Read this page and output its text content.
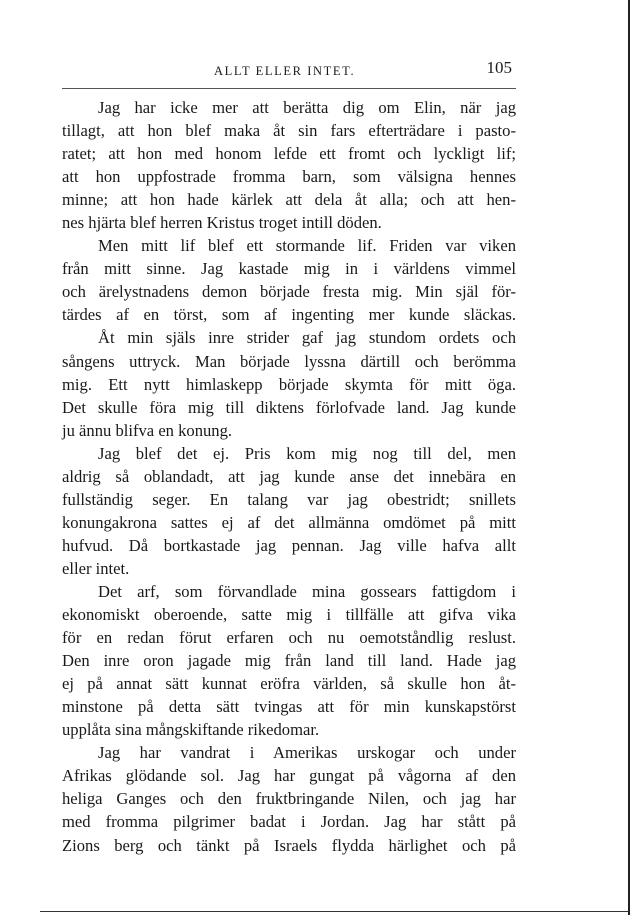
ALLT ELLER INTET.	105
Jag har icke mer att berätta dig om Elin, när jag
tillagt, att hon blef maka åt sin fars efterträdare i pasto-
ratet; att hon med honom lefde ett fromt och lyckligt lif;
att hon uppfostrade fromma barn, som välsigna hennes
minne; att hon hade kärlek att dela åt alla; och att hen-
nes hjärta blef herren Kristus troget intill döden.
Men mitt lif blef ett stormande lif. Friden var viken
från mitt sinne. Jag kastade mig in i världens vimmel
och ärelystnadens demon började fresta mig. Min själ för-
tärdes af en törst, som af ingenting mer kunde släckas.
Åt min själs inre strider gaf jag stundom ordets och
sångens uttryck. Man började lyssna därtill och berömma
mig. Ett nytt himlaskepp började skymta för mitt öga.
Det skulle föra mig till diktens förlofvade land. Jag kunde
ju ännu blifva en konung.
Jag blef det ej. Pris kom mig nog till del, men
aldrig så oblandadt, att jag kunde anse det innebära en
fullständig seger. En talang var jag obestridt; snillets
konungakrona sattes ej af det allmänna omdömet på mitt
hufvud. Då bortkastade jag pennan. Jag ville hafva allt
eller intet.
Det arf, som förvandlade mina gossears fattigdom i
ekonomiskt oberoende, satte mig i tillfälle att gifva vika
för en redan förut erfaren och nu oemotståndlig reslust.
Den inre oron jagade mig från land till land. Hade jag
ej på annat sätt kunnat eröfra världen, så skulle hon åt-
minstone på detta sätt tvingas att för min kunskapstörst
upplåta sina mångskiftande rikedomar.
Jag har vandrat i Amerikas urskogar och under
Afrikas glödande sol. Jag har gungat på vågorna af den
heliga Ganges och den fruktbringande Nilen, och jag har
med fromma pilgrimer badat i Jordan. Jag har stått på
Zions berg och tänkt på Israels flydda härlighet och på
